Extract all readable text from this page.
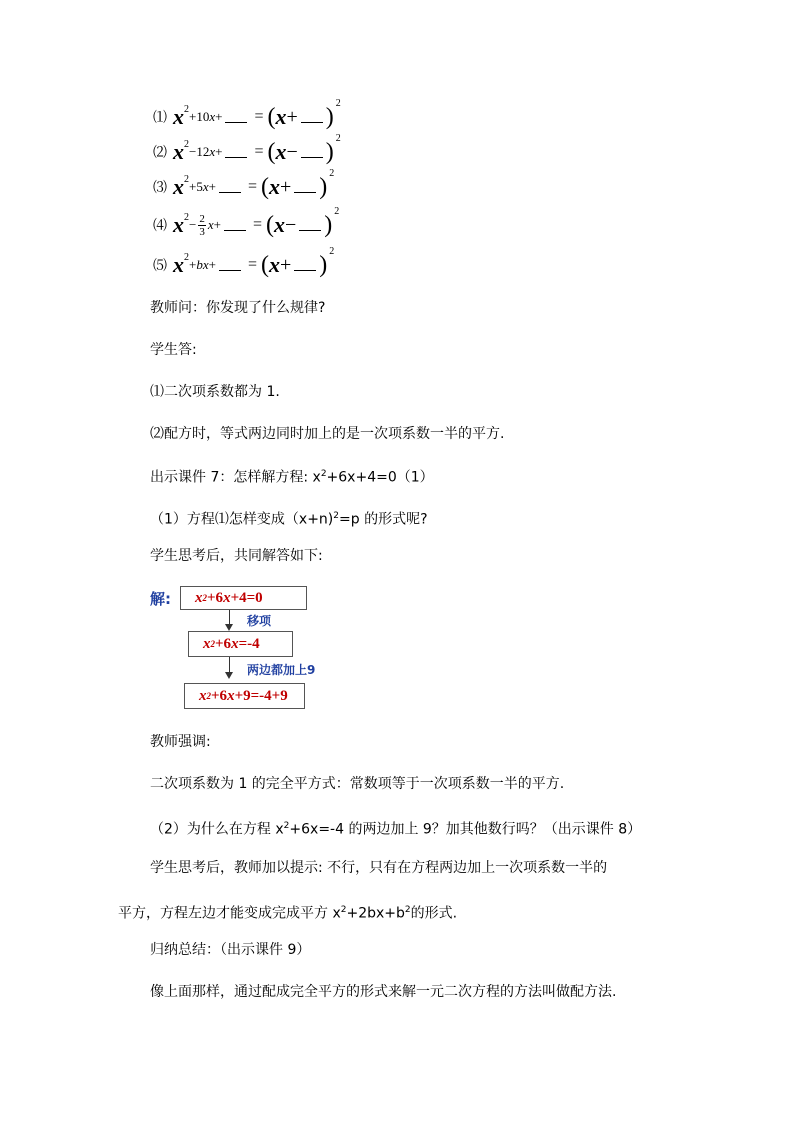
⑴ $x^2 +10$ x + = ( x + )
2
⑵ $x^2 -12$ x + = ( x − )
2
⑶ $x^2 +5$ x + = ( x + )
2
⑷ $x^2 - \frac{2}{3}$ x + = ( x − )
2
⑸ $x^2 + b$ x + = ( x + )
2
教师问：你发现了什么规律?
学生答:
⑴二次项系数都为 1.
⑵配方时，等式两边同时加上的是一次项系数一半的平方.
出示课件 7：怎样解方程: $x^2+6x+4=0(1)$
（1）方程⑴怎样变成（x+n)$^2$=p 的形式呢?
学生思考后，共同解答如下:
解: x 2 +6 x +4=0
移项
x 2 +6 x =-4
两边都加上9
x 2 +6 x +9=-4+9
教师强调:
二次项系数为 1 的完全平方式：常数项等于一次项系数一半的平方.
（2）为什么在方程 $x^2+6x=-4$ 的两边加上 9？加其他数行吗？（出示课件 8）
学生思考后，教师加以提示: 不行，只有在方程两边加上一次项系数一半的
平方，方程左边才能变成完成平方 $x^2+2bx+b^2$的形式.
归纳总结：（出示课件 9）
像上面那样，通过配成完全平方的形式来解一元二次方程的方法叫做配方法.
